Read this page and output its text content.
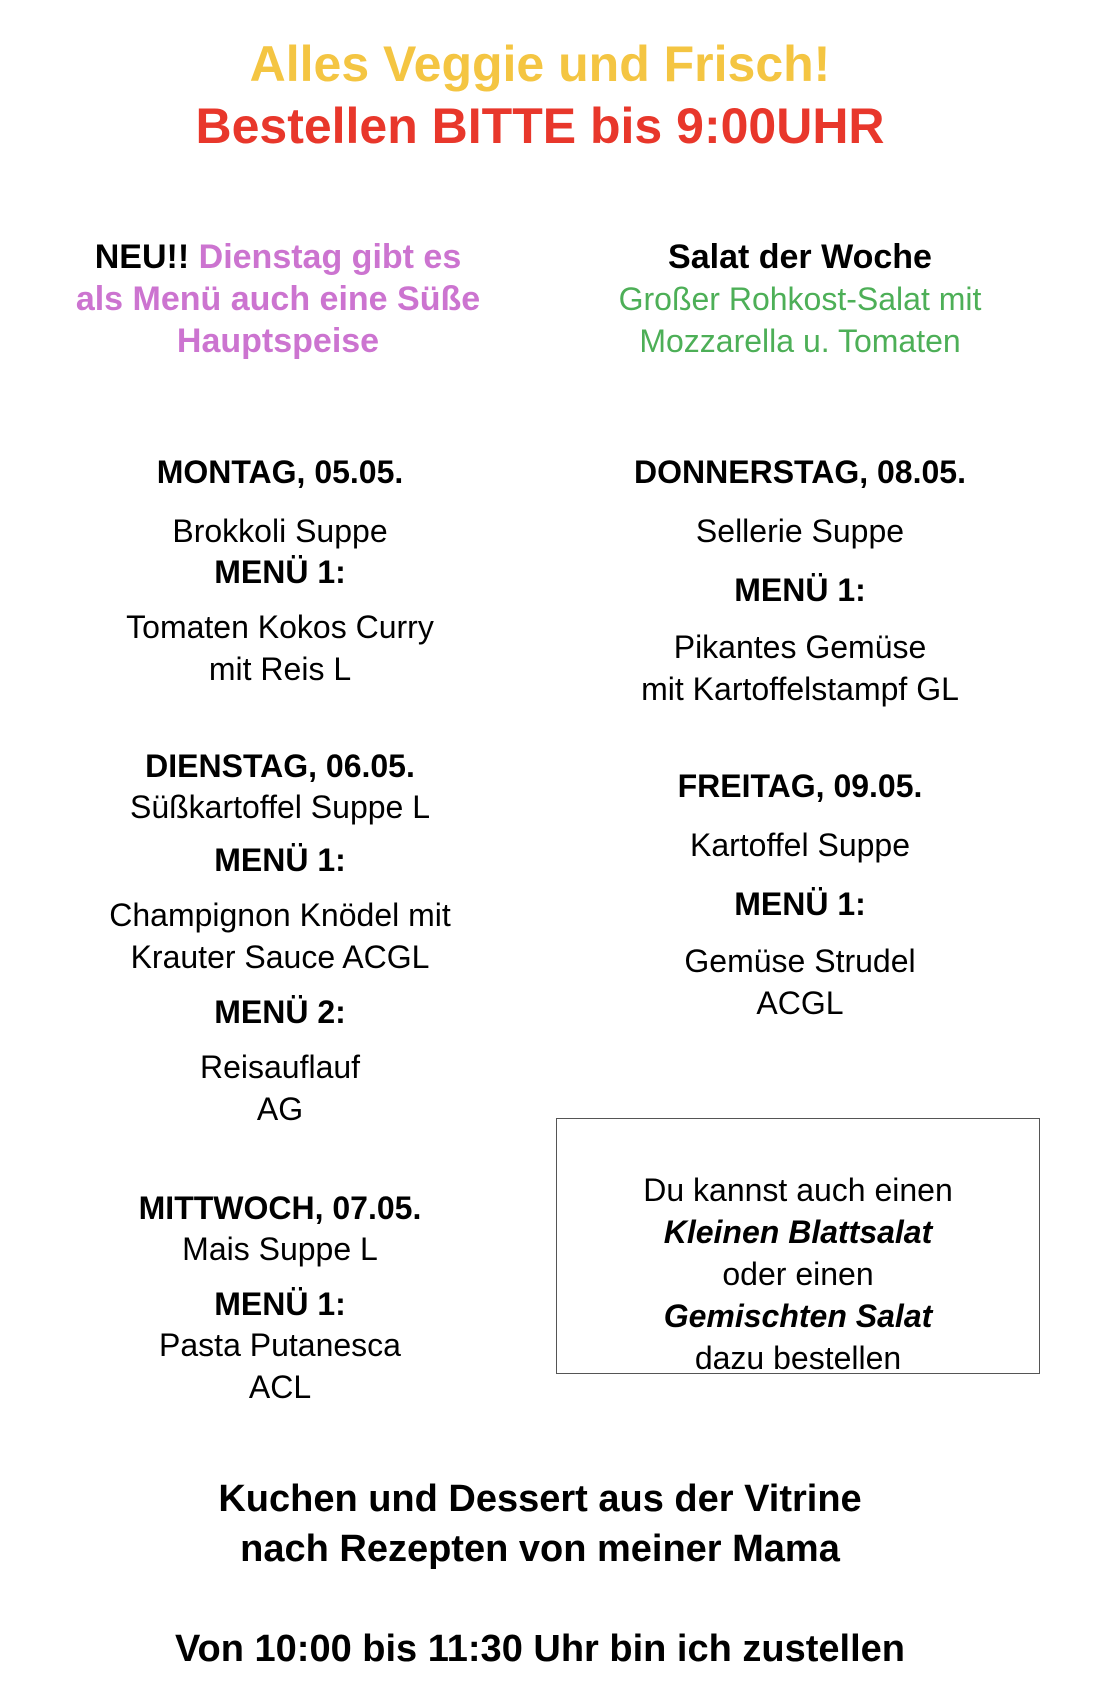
Alles Veggie und Frisch!
Bestellen BITTE bis 9:00UHR
NEU!! Dienstag gibt es
als Menü auch eine Süße
Hauptspeise
Salat der Woche
Großer Rohkost-Salat mit
Mozzarella u. Tomaten
MONTAG, 05.05.
Brokkoli Suppe
MENÜ 1:
Tomaten Kokos Curry
mit Reis L
DIENSTAG, 06.05.
Süßkartoffel Suppe L
MENÜ 1:
Champignon Knödel mit
Krauter Sauce ACGL
MENÜ 2:
Reisauflauf
AG
MITTWOCH, 07.05.
Mais Suppe L
MENÜ 1:
Pasta Putanesca
ACL
DONNERSTAG, 08.05.
Sellerie Suppe
MENÜ 1:
Pikantes Gemüse
mit Kartoffelstampf GL
FREITAG, 09.05.
Kartoffel Suppe
MENÜ 1:
Gemüse Strudel
ACGL
Du kannst auch einen
Kleinen Blattsalat
oder einen
Gemischten Salat
dazu bestellen
Kuchen und Dessert aus der Vitrine
nach Rezepten von meiner Mama
Von 10:00 bis 11:30 Uhr bin ich zustellen
